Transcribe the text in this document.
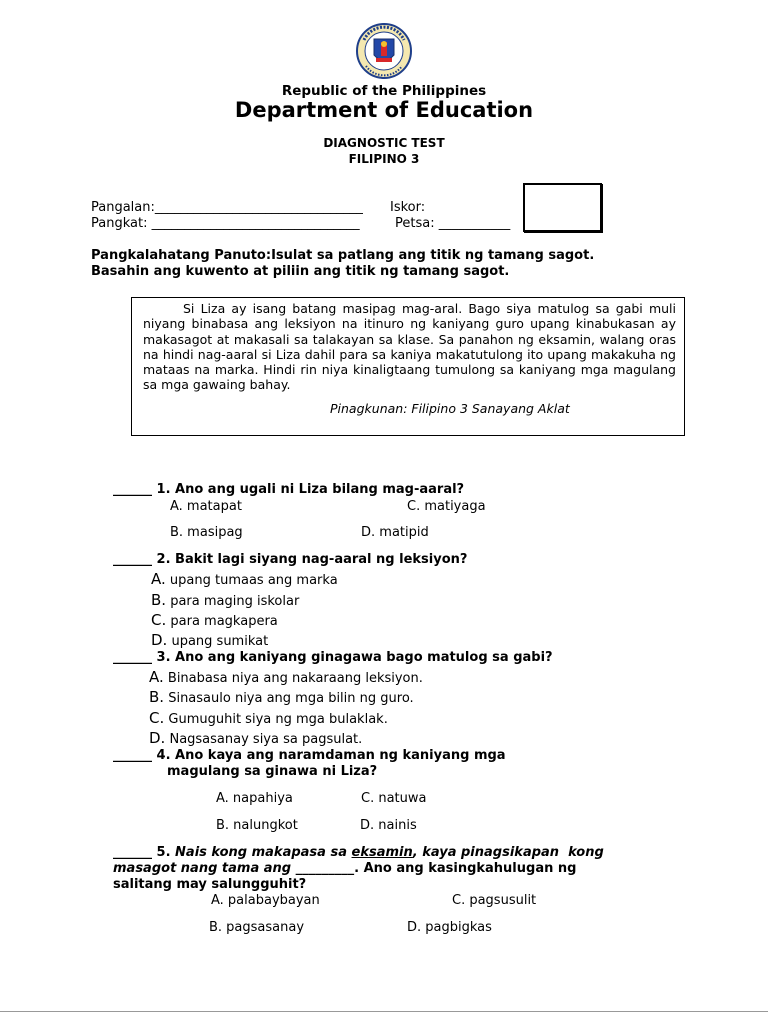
Republic of the Philippines
Department of Education
DIAGNOSTIC TEST
FILIPINO 3
Pangalan:________________________________ Iskor:
Pangkat: ________________________________	Petsa: ___________
Pangkalahatang Panuto:Isulat sa patlang ang titik ng tamang sagot.
Basahin ang kuwento at piliin ang titik ng tamang sagot.
Si Liza ay isang batang masipag mag-aral. Bago siya matulog sa gabi muli niyang binabasa ang leksiyon na itinuro ng kaniyang guro upang kinabukasan ay makasagot at makasali sa talakayan sa klase. Sa panahon ng eksamin, walang oras na hindi nag-aaral si Liza dahil para sa kaniya makatutulong ito upang makakuha ng mataas na marka. Hindi rin niya kinaligtaang tumulong sa kaniyang mga magulang sa mga gawaing bahay.
Pinagkunan: Filipino 3 Sanayang Aklat
______ 1. Ano ang ugali ni Liza bilang mag-aaral?
A. matapat	C. matiyaga
B. masipag	D. matipid
______ 2. Bakit lagi siyang nag-aaral ng leksiyon?
A. upang tumaas ang marka
B. para maging iskolar
C. para magkapera
D. upang sumikat
______ 3. Ano ang kaniyang ginagawa bago matulog sa gabi?
A. Binabasa niya ang nakaraang leksiyon.
B. Sinasaulo niya ang mga bilin ng guro.
C. Gumuguhit siya ng mga bulaklak.
D. Nagsasanay siya sa pagsulat.
______ 4. Ano kaya ang naramdaman ng kaniyang mga
magulang sa ginawa ni Liza?
A. napahiya	C. natuwa
B. nalungkot	D. nainis
______ 5. Nais kong makapasa sa eksamin, kaya pinagsikapan  kong
masagot nang tama ang _________. Ano ang kasingkahulugan ng
salitang may salungguhit?
A. palabaybayan	C. pagsusulit
B. pagsasanay	D. pagbigkas
